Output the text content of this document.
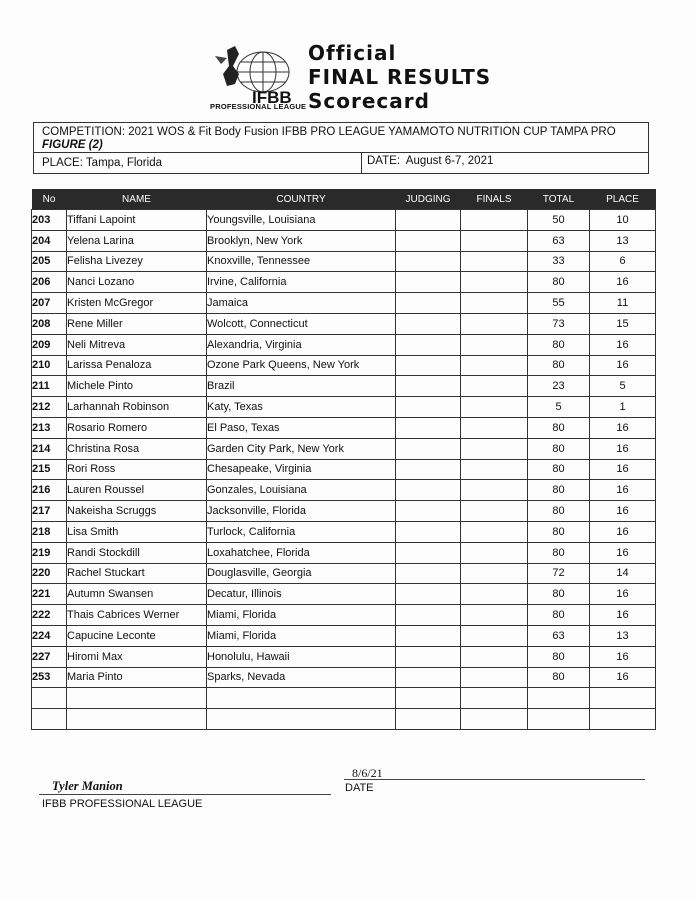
IFBB
PROFESSIONAL LEAGUE
Official
FINAL RESULTS
Scorecard
COMPETITION: 2021 WOS & Fit Body Fusion IFBB PRO LEAGUE YAMAMOTO NUTRITION CUP TAMPA PRO
FIGURE (2)
PLACE: Tampa, Florida	DATE: August 6-7, 2021
No	NAME	COUNTRY	JUDGING	FINALS	TOTAL	PLACE
203	Tiffani Lapoint	Youngsville, Louisiana			50	10
204	Yelena Larina	Brooklyn, New York			63	13
205	Felisha Livezey	Knoxville, Tennessee			33	6
206	Nanci Lozano	Irvine, California			80	16
207	Kristen McGregor	Jamaica			55	11
208	Rene Miller	Wolcott, Connecticut			73	15
209	Neli Mitreva	Alexandria, Virginia			80	16
210	Larissa Penaloza	Ozone Park Queens, New York			80	16
211	Michele Pinto	Brazil			23	5
212	Larhannah Robinson	Katy, Texas			5	1
213	Rosario Romero	El Paso, Texas			80	16
214	Christina Rosa	Garden City Park, New York			80	16
215	Rori Ross	Chesapeake, Virginia			80	16
216	Lauren Roussel	Gonzales, Louisiana			80	16
217	Nakeisha Scruggs	Jacksonville, Florida			80	16
218	Lisa Smith	Turlock, California			80	16
219	Randi Stockdill	Loxahatchee, Florida			80	16
220	Rachel Stuckart	Douglasville, Georgia			72	14
221	Autumn Swansen	Decatur, Illinois			80	16
222	Thais Cabrices Werner	Miami, Florida			80	16
224	Capucine Leconte	Miami, Florida			63	13
227	Hiromi Max	Honolulu, Hawaii			80	16
253	Maria Pinto	Sparks, Nevada			80	16

Tyler Manion
IFBB PROFESSIONAL LEAGUE
8/6/21
DATE
